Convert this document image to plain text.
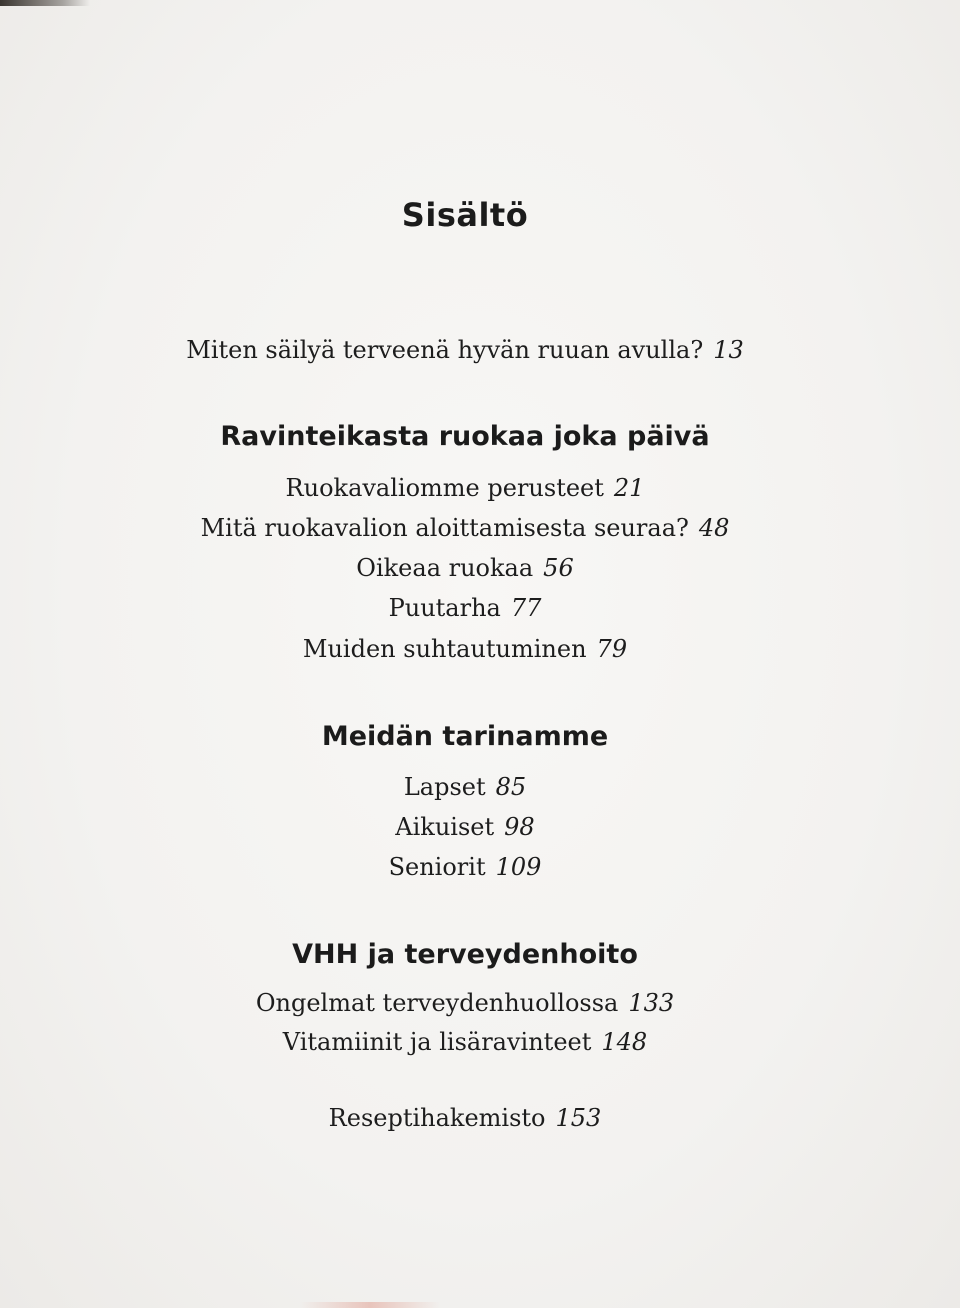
Sisältö
Miten säilyä terveenä hyvän ruuan avulla? 13
Ravinteikasta ruokaa joka päivä
Ruokavaliomme perusteet 21
Mitä ruokavalion aloittamisesta seuraa? 48
Oikeaa ruokaa 56
Puutarha 77
Muiden suhtautuminen 79
Meidän tarinamme
Lapset 85
Aikuiset 98
Seniorit 109
VHH ja terveydenhoito
Ongelmat terveydenhuollossa 133
Vitamiinit ja lisäravinteet 148
Reseptihakemisto 153
